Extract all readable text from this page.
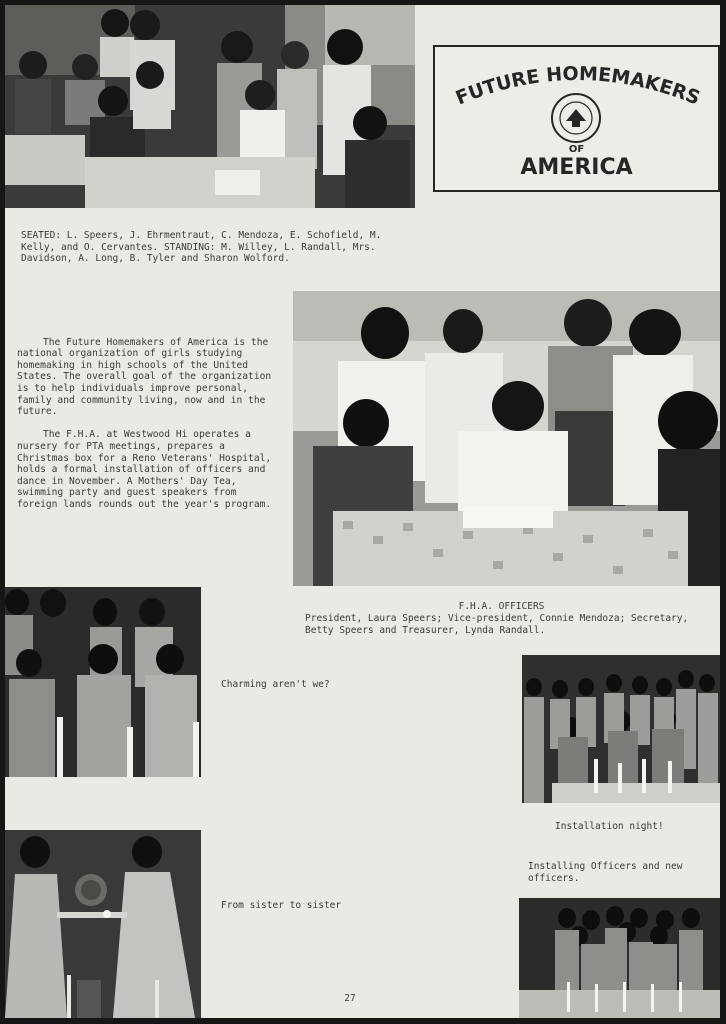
FUTURE HOMEMAKERS
OF
AMERICA

SEATED: L. Speers, J. Ehrmentraut, C. Mendoza, E. Schofield, M. Kelly, and O. Cervantes. STANDING: M. Willey, L. Randall, Mrs. Davidson, A. Long, B. Tyler and Sharon Wolford.

The Future Homemakers of America is the national organization of girls studying homemaking in high schools of the United States. The overall goal of the organization is to help individuals improve personal, family and community living, now and in the future.

The F.H.A. at Westwood Hi operates a nursery for PTA meetings, prepares a Christmas box for a Reno Veterans' Hospital, holds a formal installation of officers and dance in November. A Mothers' Day Tea, swimming party and guest speakers from foreign lands rounds out the year's program.

F.H.A. OFFICERS

President, Laura Speers; Vice-president, Connie Mendoza; Secretary, Betty Speers and Treasurer, Lynda Randall.

Charming aren't we?
Installation night!

Installing Officers and new officers.

From sister to sister
27
